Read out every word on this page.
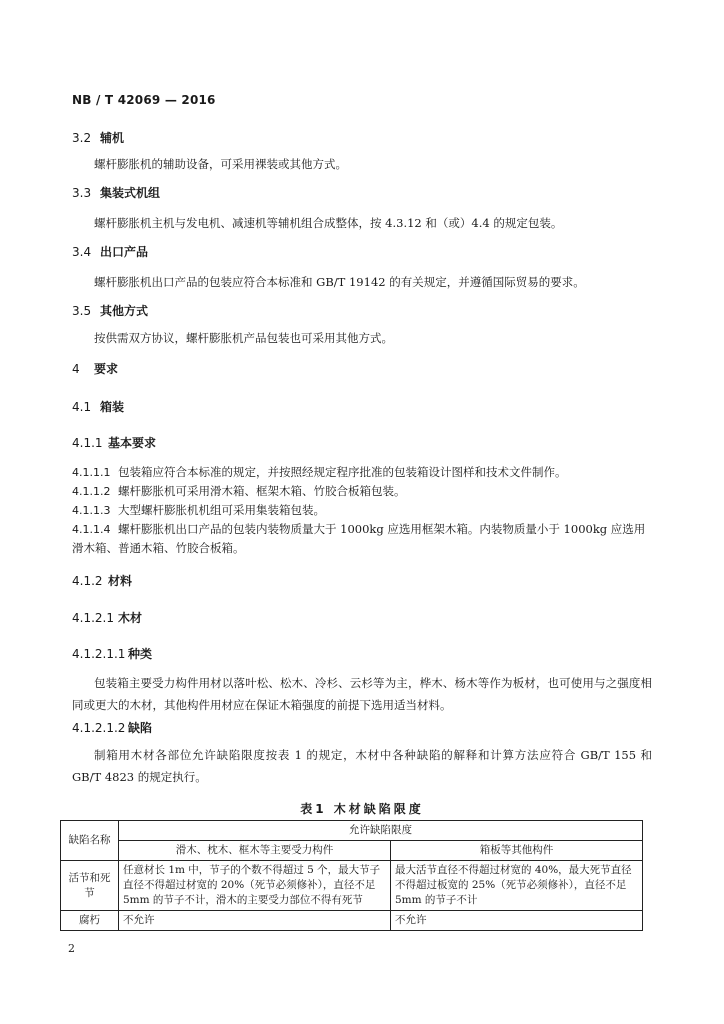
NB / T 42069 — 2016
3.2 辅机
螺杆膨胀机的辅助设备，可采用裸装或其他方式。
3.3 集装式机组
螺杆膨胀机主机与发电机、减速机等辅机组合成整体，按 4.3.12 和（或）4.4 的规定包装。
3.4 出口产品
螺杆膨胀机出口产品的包装应符合本标准和 GB/T 19142 的有关规定，并遵循国际贸易的要求。
3.5 其他方式
按供需双方协议，螺杆膨胀机产品包装也可采用其他方式。
4 要求
4.1 箱装
4.1.1 基本要求
4.1.1.1 包装箱应符合本标准的规定，并按照经规定程序批准的包装箱设计图样和技术文件制作。
4.1.1.2 螺杆膨胀机可采用滑木箱、框架木箱、竹胶合板箱包装。
4.1.1.3 大型螺杆膨胀机机组可采用集装箱包装。
4.1.1.4 螺杆膨胀机出口产品的包装内装物质量大于 1000kg 应选用框架木箱。内装物质量小于 1000kg 应选用滑木箱、普通木箱、竹胶合板箱。
4.1.2 材料
4.1.2.1 木材
4.1.2.1.1 种类
包装箱主要受力构件用材以落叶松、松木、冷杉、云杉等为主，桦木、杨木等作为板材，也可使用与之强度相同或更大的木材，其他构件用材应在保证木箱强度的前提下选用适当材料。
4.1.2.1.2 缺陷
制箱用木材各部位允许缺陷限度按表 1 的规定，木材中各种缺陷的解释和计算方法应符合 GB/T 155 和 GB/T 4823 的规定执行。
表1 木材缺陷限度
缺陷名称	允许缺陷限度	
	滑木、枕木、框木等主要受力构件	箱板等其他构件
活节和死节	任意材长 1m 中，节子的个数不得超过 5 个，最大节子直径不得超过材宽的 20%（死节必须修补），直径不足 5mm 的节子不计，滑木的主要受力部位不得有死节	最大活节直径不得超过材宽的 40%，最大死节直径不得超过板宽的 25%（死节必须修补），直径不足 5mm 的节子不计
腐朽	不允许	不允许
2
